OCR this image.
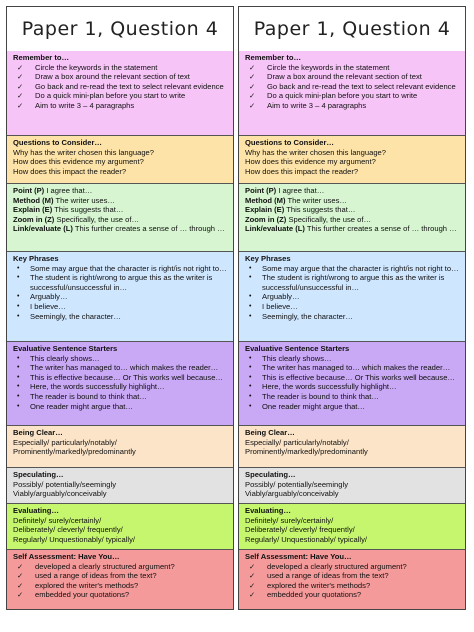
Paper 1, Question 4
Remember to…
✓ Circle the keywords in the statement
✓ Draw a box around the relevant section of text
✓ Go back and re-read the text to select relevant evidence
✓ Do a quick mini-plan before you start to write
✓ Aim to write 3 – 4 paragraphs
Questions to Consider…

Why has the writer chosen this language?

How does this evidence my argument?

How does this impact the reader?

Point (P) I agree that…

Method (M) The writer uses…

Explain (E) This suggests that…

Zoom in (Z) Specifically, the use of…

Link/evaluate (L) This further creates a sense of … through …

Key Phrases
• Some may argue that the character is right/is not right to…
• The student is right/wrong to argue this as the writer is successful/unsuccessful in…
• Arguably…
• I believe…
• Seemingly, the character…
Evaluative Sentence Starters
• This clearly shows…
• The writer has managed to… which makes the reader…
• This is effective because… Or This works well because…
• Here, the words successfully highlight…
• The reader is bound to think that…
• One reader might argue that…
Being Clear…

Especially/ particularly/notably/

Prominently/markedly/predominantly

Speculating…

Possibly/ potentially/seemingly

Viably/arguably/conceivably

Evaluating…

Definitely/ surely/certainly/

Deliberately/ cleverly/ frequently/

Regularly/ Unquestionably/ typically/

Self Assessment: Have You…
✓ developed a clearly structured argument?
✓ used a range of ideas from the text?
✓ explored the writer's methods?
✓ embedded your quotations?
Paper 1, Question 4
Remember to…
✓ Circle the keywords in the statement
✓ Draw a box around the relevant section of text
✓ Go back and re-read the text to select relevant evidence
✓ Do a quick mini-plan before you start to write
✓ Aim to write 3 – 4 paragraphs
Questions to Consider…

Why has the writer chosen this language?

How does this evidence my argument?

How does this impact the reader?

Point (P) I agree that…

Method (M) The writer uses…

Explain (E) This suggests that…

Zoom in (Z) Specifically, the use of…

Link/evaluate (L) This further creates a sense of … through …

Key Phrases
• Some may argue that the character is right/is not right to…
• The student is right/wrong to argue this as the writer is successful/unsuccessful in…
• Arguably…
• I believe…
• Seemingly, the character…
Evaluative Sentence Starters
• This clearly shows…
• The writer has managed to… which makes the reader…
• This is effective because… Or This works well because…
• Here, the words successfully highlight…
• The reader is bound to think that…
• One reader might argue that…
Being Clear…

Especially/ particularly/notably/

Prominently/markedly/predominantly

Speculating…

Possibly/ potentially/seemingly

Viably/arguably/conceivably

Evaluating…

Definitely/ surely/certainly/

Deliberately/ cleverly/ frequently/

Regularly/ Unquestionably/ typically/

Self Assessment: Have You…
✓ developed a clearly structured argument?
✓ used a range of ideas from the text?
✓ explored the writer's methods?
✓ embedded your quotations?
